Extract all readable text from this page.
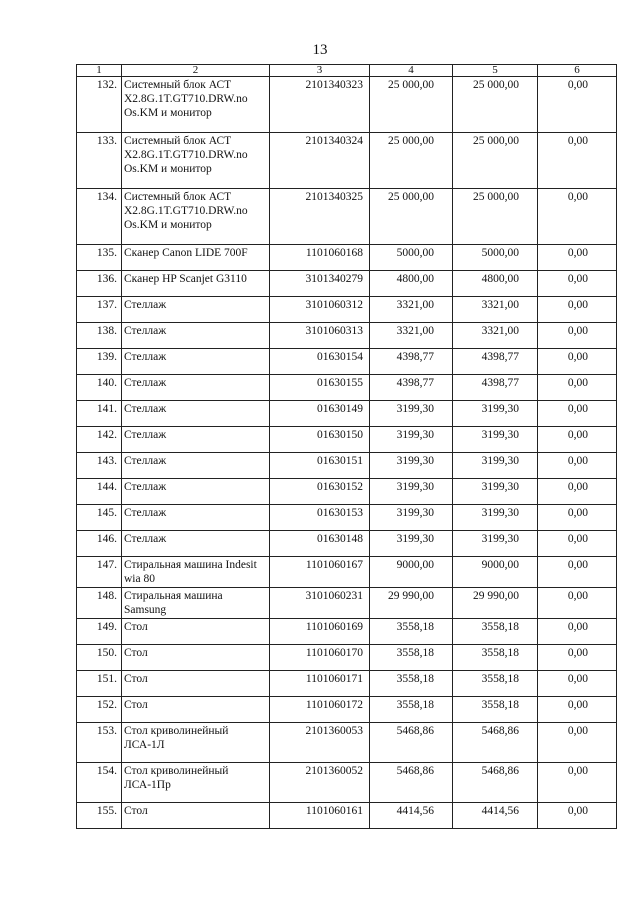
13
1	2	3	4	5	6
132.	Системный блок АСТ X2.8G.1T.GT710.DRW.no Os.KM и монитор	2101340323	25 000,00	25 000,00	0,00
133.	Системный блок АСТ X2.8G.1T.GT710.DRW.no Os.KM и монитор	2101340324	25 000,00	25 000,00	0,00
134.	Системный блок АСТ X2.8G.1T.GT710.DRW.no Os.KM и монитор	2101340325	25 000,00	25 000,00	0,00
135.	Сканер Canon LIDE 700F	1101060168	5000,00	5000,00	0,00
136.	Сканер HP Scanjet G3110	3101340279	4800,00	4800,00	0,00
137.	Стеллаж	3101060312	3321,00	3321,00	0,00
138.	Стеллаж	3101060313	3321,00	3321,00	0,00
139.	Стеллаж	01630154	4398,77	4398,77	0,00
140.	Стеллаж	01630155	4398,77	4398,77	0,00
141.	Стеллаж	01630149	3199,30	3199,30	0,00
142.	Стеллаж	01630150	3199,30	3199,30	0,00
143.	Стеллаж	01630151	3199,30	3199,30	0,00
144.	Стеллаж	01630152	3199,30	3199,30	0,00
145.	Стеллаж	01630153	3199,30	3199,30	0,00
146.	Стеллаж	01630148	3199,30	3199,30	0,00
147.	Стиральная машина Indesit wia 80	1101060167	9000,00	9000,00	0,00
148.	Стиральная машина Samsung	3101060231	29 990,00	29 990,00	0,00
149.	Стол	1101060169	3558,18	3558,18	0,00
150.	Стол	1101060170	3558,18	3558,18	0,00
151.	Стол	1101060171	3558,18	3558,18	0,00
152.	Стол	1101060172	3558,18	3558,18	0,00
153.	Стол криволинейный ЛСА-1Л	2101360053	5468,86	5468,86	0,00
154.	Стол криволинейный ЛСА-1Пр	2101360052	5468,86	5468,86	0,00
155.	Стол	1101060161	4414,56	4414,56	0,00
